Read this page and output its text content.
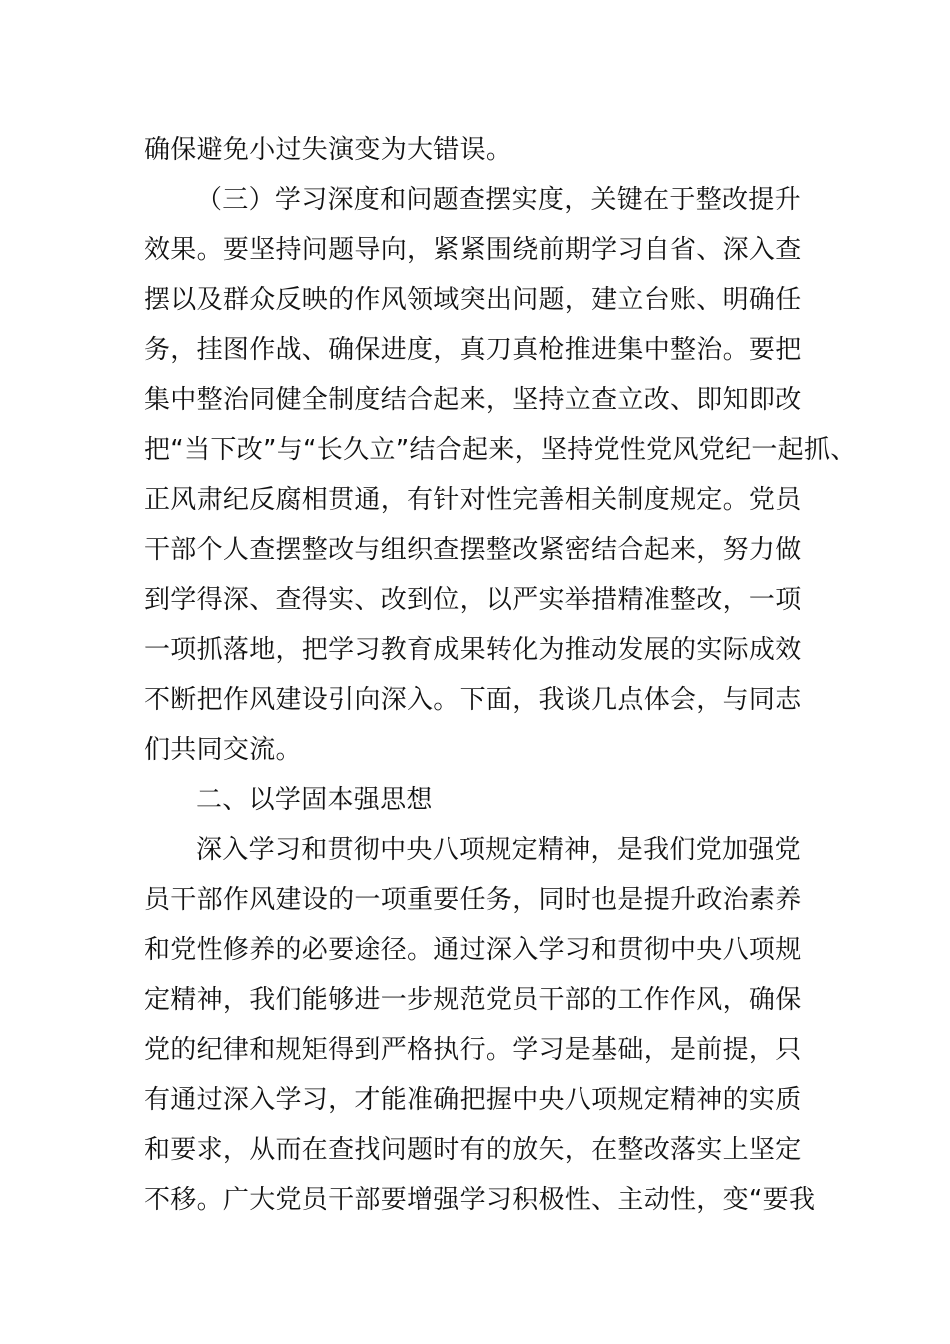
确保避免小过失演变为大错误。
（三）学习深度和问题查摆实度，关键在于整改提升
效果。要坚持问题导向，紧紧围绕前期学习自省、深入查
摆以及群众反映的作风领域突出问题，建立台账、明确任
务，挂图作战、确保进度，真刀真枪推进集中整治。要把
集中整治同健全制度结合起来，坚持立查立改、即知即改
把“当下改”与“长久立”结合起来，坚持党性党风党纪一起抓、
正风肃纪反腐相贯通，有针对性完善相关制度规定。党员
干部个人查摆整改与组织查摆整改紧密结合起来，努力做
到学得深、查得实、改到位，以严实举措精准整改，一项
一项抓落地，把学习教育成果转化为推动发展的实际成效
不断把作风建设引向深入。下面，我谈几点体会，与同志
们共同交流。
二、以学固本强思想
深入学习和贯彻中央八项规定精神，是我们党加强党
员干部作风建设的一项重要任务，同时也是提升政治素养
和党性修养的必要途径。通过深入学习和贯彻中央八项规
定精神，我们能够进一步规范党员干部的工作作风，确保
党的纪律和规矩得到严格执行。学习是基础，是前提，只
有通过深入学习，才能准确把握中央八项规定精神的实质
和要求，从而在查找问题时有的放矢，在整改落实上坚定
不移。广大党员干部要增强学习积极性、主动性，变“要我
